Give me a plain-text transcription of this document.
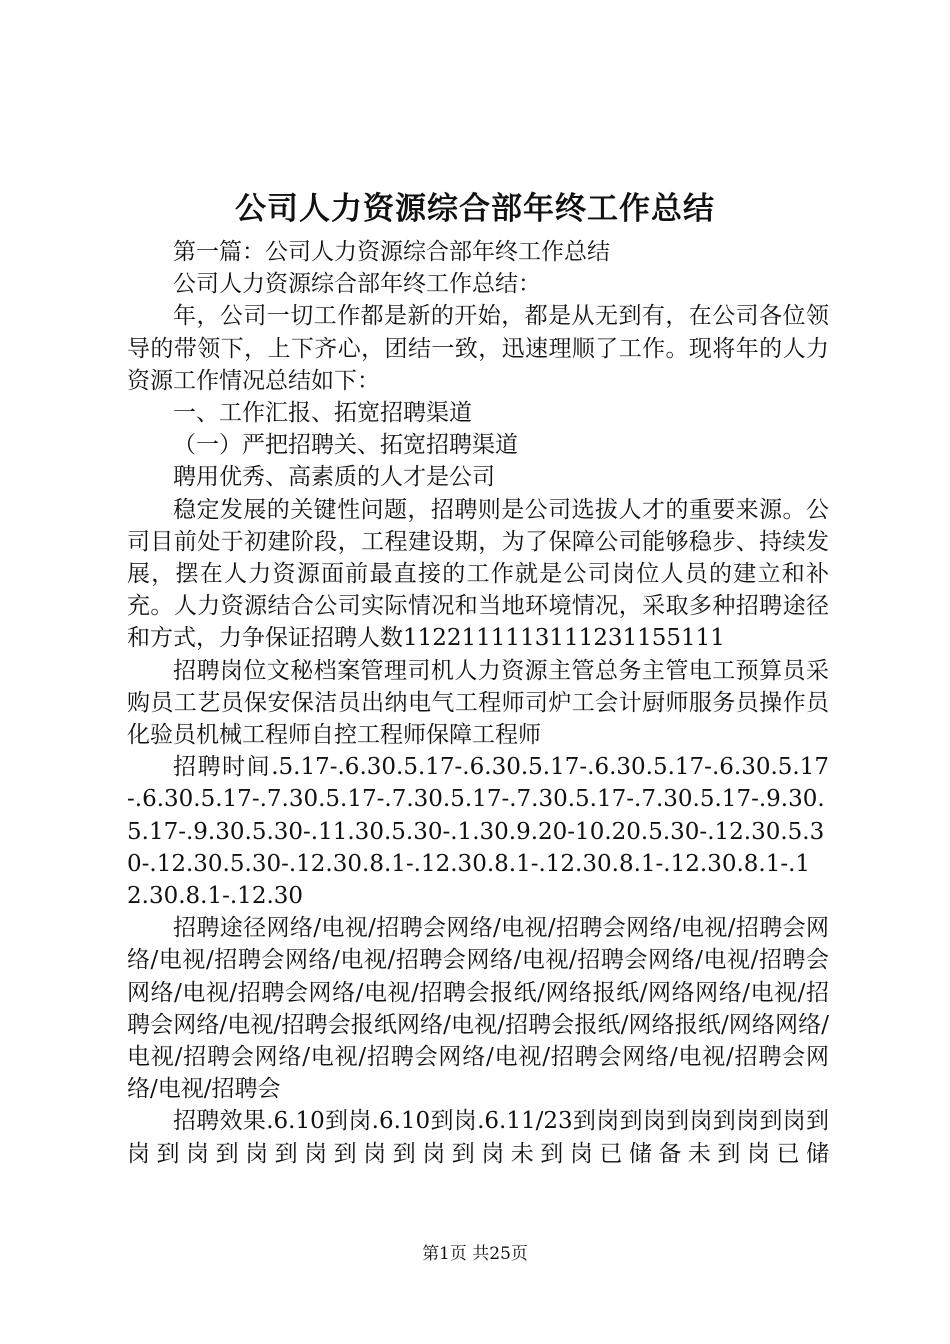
公司人力资源综合部年终工作总结

第一篇：公司人力资源综合部年终工作总结

公司人力资源综合部年终工作总结：

年，公司一切工作都是新的开始，都是从无到有，在公司各位领导的带领下，上下齐心，团结一致，迅速理顺了工作。现将年的人力资源工作情况总结如下：

一、工作汇报、拓宽招聘渠道

（一）严把招聘关、拓宽招聘渠道

聘用优秀、高素质的人才是公司

稳定发展的关键性问题，招聘则是公司选拔人才的重要来源。公司目前处于初建阶段，工程建设期，为了保障公司能够稳步、持续发展，摆在人力资源面前最直接的工作就是公司岗位人员的建立和补充。人力资源结合公司实际情况和当地环境情况，采取多种招聘途径和方式，力争保证招聘人数1122111113111231155111

招聘岗位文秘档案管理司机人力资源主管总务主管电工预算员采购员工艺员保安保洁员出纳电气工程师司炉工会计厨师服务员操作员化验员机械工程师自控工程师保障工程师

招聘时间.5.17-.6.30.5.17-.6.30.5.17-.6.30.5.17-.6.30.5.17-.6.30.5.17-.7.30.5.17-.7.30.5.17-.7.30.5.17-.7.30.5.17-.9.30.5.17-.9.30.5.30-.11.30.5.30-.1.30.9.20-10.20.5.30-.12.30.5.30-.12.30.5.30-.12.30.8.1-.12.30.8.1-.12.30.8.1-.12.30.8.1-.12.30.8.1-.12.30

招聘途径网络/电视/招聘会网络/电视/招聘会网络/电视/招聘会网络/电视/招聘会网络/电视/招聘会网络/电视/招聘会网络/电视/招聘会网络/电视/招聘会网络/电视/招聘会报纸/网络报纸/网络网络/电视/招聘会网络/电视/招聘会报纸网络/电视/招聘会报纸/网络报纸/网络网络/电视/招聘会网络/电视/招聘会网络/电视/招聘会网络/电视/招聘会网络/电视/招聘会

招聘效果.6.10到岗.6.10到岗.6.11/23到岗到岗到岗到岗到岗到岗到岗到岗到岗到岗到岗到岗未到岗已储备未到岗已储

第1页 共25页
